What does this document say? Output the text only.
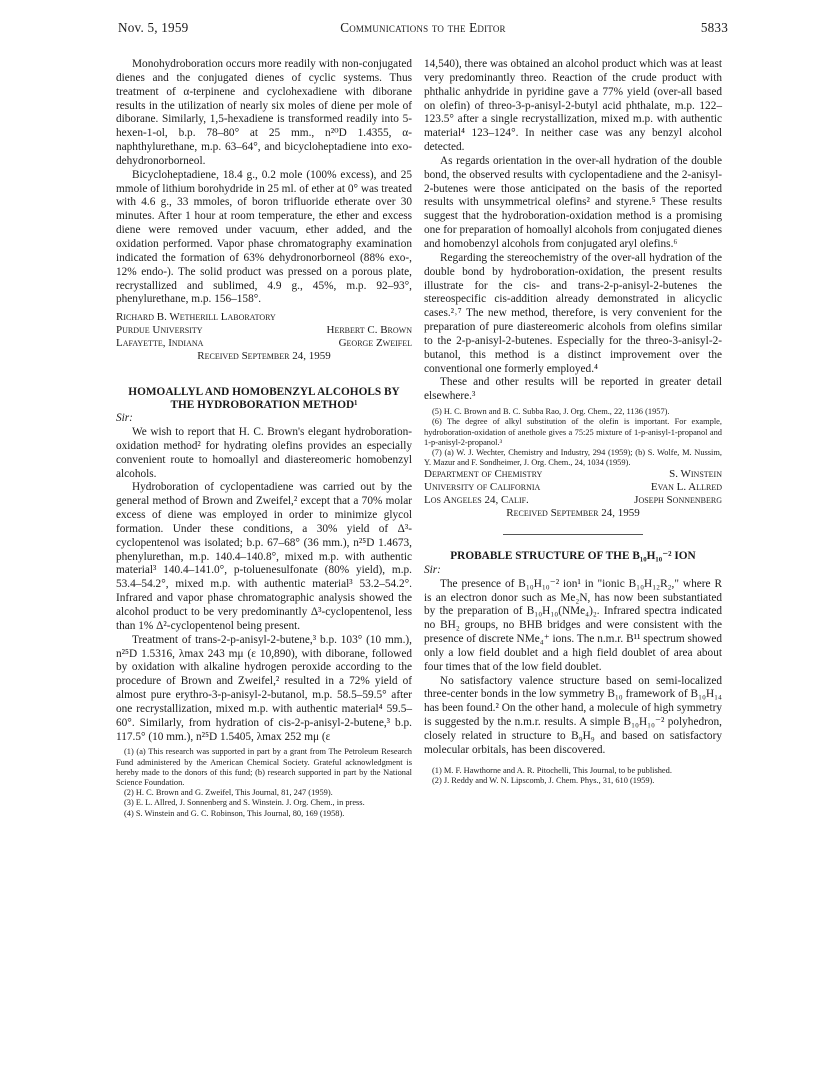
Nov. 5, 1959	Communications to the Editor	5833

Monohydroboration occurs more readily with non-conjugated dienes and the conjugated dienes of cyclic systems. Thus treatment of α-terpinene and cyclohexadiene with diborane results in the utilization of nearly six moles of diene per mole of diborane. Similarly, 1,5-hexadiene is transformed readily into 5-hexen-1-ol, b.p. 78–80° at 25 mm., n²⁰D 1.4355, α-naphthylurethane, m.p. 63–64°, and bicycloheptadiene into exo-dehydronorborneol.

Bicycloheptadiene, 18.4 g., 0.2 mole (100% excess), and 25 mmole of lithium borohydride in 25 ml. of ether at 0° was treated with 4.6 g., 33 mmoles, of boron trifluoride etherate over 30 minutes. After 1 hour at room temperature, the ether and excess diene were removed under vacuum, ether added, and the oxidation performed. Vapor phase chromatography examination indicated the formation of 63% dehydronorborneol (88% exo-, 12% endo-). The solid product was pressed on a porous plate, recrystallized and sublimed, 4.9 g., 45%, m.p. 92–93°, phenylurethane, m.p. 156–158°.

Richard B. Wetherill Laboratory
Purdue University	Herbert C. Brown
Lafayette, Indiana	George Zweifel
Received September 24, 1959
HOMOALLYL AND HOMOBENZYL ALCOHOLS BY THE HYDROBORATION METHOD¹

Sir:

We wish to report that H. C. Brown's elegant hydroboration-oxidation method² for hydrating olefins provides an especially convenient route to homoallyl and diastereomeric homobenzyl alcohols.

Hydroboration of cyclopentadiene was carried out by the general method of Brown and Zweifel,² except that a 70% molar excess of diene was employed in order to minimize glycol formation. Under these conditions, a 30% yield of Δ³-cyclopentenol was isolated; b.p. 67–68° (36 mm.), n²⁵D 1.4673, phenylurethan, m.p. 140.4–140.8°, mixed m.p. with authentic material³ 140.4–141.0°, p-toluenesulfonate (80% yield), m.p. 53.4–54.2°, mixed m.p. with authentic material³ 53.2–54.2°. Infrared and vapor phase chromatographic analysis showed the alcohol product to be very predominantly Δ³-cyclopentenol, less than 1% Δ²-cyclopentenol being present.

Treatment of trans-2-p-anisyl-2-butene,³ b.p. 103° (10 mm.), n²⁵D 1.5316, λmax 243 mμ (ε 10,890), with diborane, followed by oxidation with alkaline hydrogen peroxide according to the procedure of Brown and Zweifel,² resulted in a 72% yield of almost pure erythro-3-p-anisyl-2-butanol, m.p. 58.5–59.5° after one recrystallization, mixed m.p. with authentic material⁴ 59.5–60°. Similarly, from hydration of cis-2-p-anisyl-2-butene,³ b.p. 117.5° (10 mm.), n²⁵D 1.5405, λmax 252 mμ (ε

(1) (a) This research was supported in part by a grant from The Petroleum Research Fund administered by the American Chemical Society. Grateful acknowledgment is hereby made to the donors of this fund; (b) research supported in part by the National Science Foundation.

(2) H. C. Brown and G. Zweifel, This Journal, 81, 247 (1959).

(3) E. L. Allred, J. Sonnenberg and S. Winstein. J. Org. Chem., in press.

(4) S. Winstein and G. C. Robinson, This Journal, 80, 169 (1958).

14,540), there was obtained an alcohol product which was at least very predominantly threo. Reaction of the crude product with phthalic anhydride in pyridine gave a 77% yield (over-all based on olefin) of threo-3-p-anisyl-2-butyl acid phthalate, m.p. 122–123.5° after a single recrystallization, mixed m.p. with authentic material⁴ 123–124°. In neither case was any benzyl alcohol detected.

As regards orientation in the over-all hydration of the double bond, the observed results with cyclopentadiene and the 2-anisyl-2-butenes were those anticipated on the basis of the reported results with unsymmetrical olefins² and styrene.⁵ These results suggest that the hydroboration-oxidation method is a promising one for preparation of homoallyl alcohols from conjugated dienes and homobenzyl alcohols from conjugated aryl olefins.⁶

Regarding the stereochemistry of the over-all hydration of the double bond by hydroboration-oxidation, the present results illustrate for the cis- and trans-2-p-anisyl-2-butenes the stereospecific cis-addition already demonstrated in alicyclic cases.²˒⁷ The new method, therefore, is very convenient for the preparation of pure diastereomeric alcohols from olefins similar to the 2-p-anisyl-2-butenes. Especially for the threo-3-anisyl-2-butanol, this method is a distinct improvement over the conventional one formerly employed.⁴

These and other results will be reported in greater detail elsewhere.³

(5) H. C. Brown and B. C. Subba Rao, J. Org. Chem., 22, 1136 (1957).

(6) The degree of alkyl substitution of the olefin is important. For example, hydroboration-oxidation of anethole gives a 75:25 mixture of 1-p-anisyl-1-propanol and 1-p-anisyl-2-propanol.³

(7) (a) W. J. Wechter, Chemistry and Industry, 294 (1959); (b) S. Wolfe, M. Nussim, Y. Mazur and F. Sondheimer, J. Org. Chem., 24, 1034 (1959).

Department of Chemistry	S. Winstein
University of California	Evan L. Allred
Los Angeles 24, Calif.	Joseph Sonnenberg
Received September 24, 1959
PROBABLE STRUCTURE OF THE B₁₀H₁₀⁻² ION

Sir:

The presence of B₁₀H₁₀⁻² ion¹ in "ionic B₁₀H₁₂R₂," where R is an electron donor such as Me₂N, has now been substantiated by the preparation of B₁₀H₁₀(NMe₄)₂. Infrared spectra indicated no BH₂ groups, no BHB bridges and were consistent with the presence of discrete NMe₄⁺ ions. The n.m.r. B¹¹ spectrum showed only a low field doublet and a high field doublet of area about four times that of the low field doublet.

No satisfactory valence structure based on semi-localized three-center bonds in the low symmetry B₁₀ framework of B₁₀H₁₄ has been found.² On the other hand, a molecule of high symmetry is suggested by the n.m.r. results. A simple B₁₀H₁₀⁻² polyhedron, closely related in structure to B₉H₉ and based on satisfactory molecular orbitals, has been discovered.

(1) M. F. Hawthorne and A. R. Pitochelli, This Journal, to be published.

(2) J. Reddy and W. N. Lipscomb, J. Chem. Phys., 31, 610 (1959).
